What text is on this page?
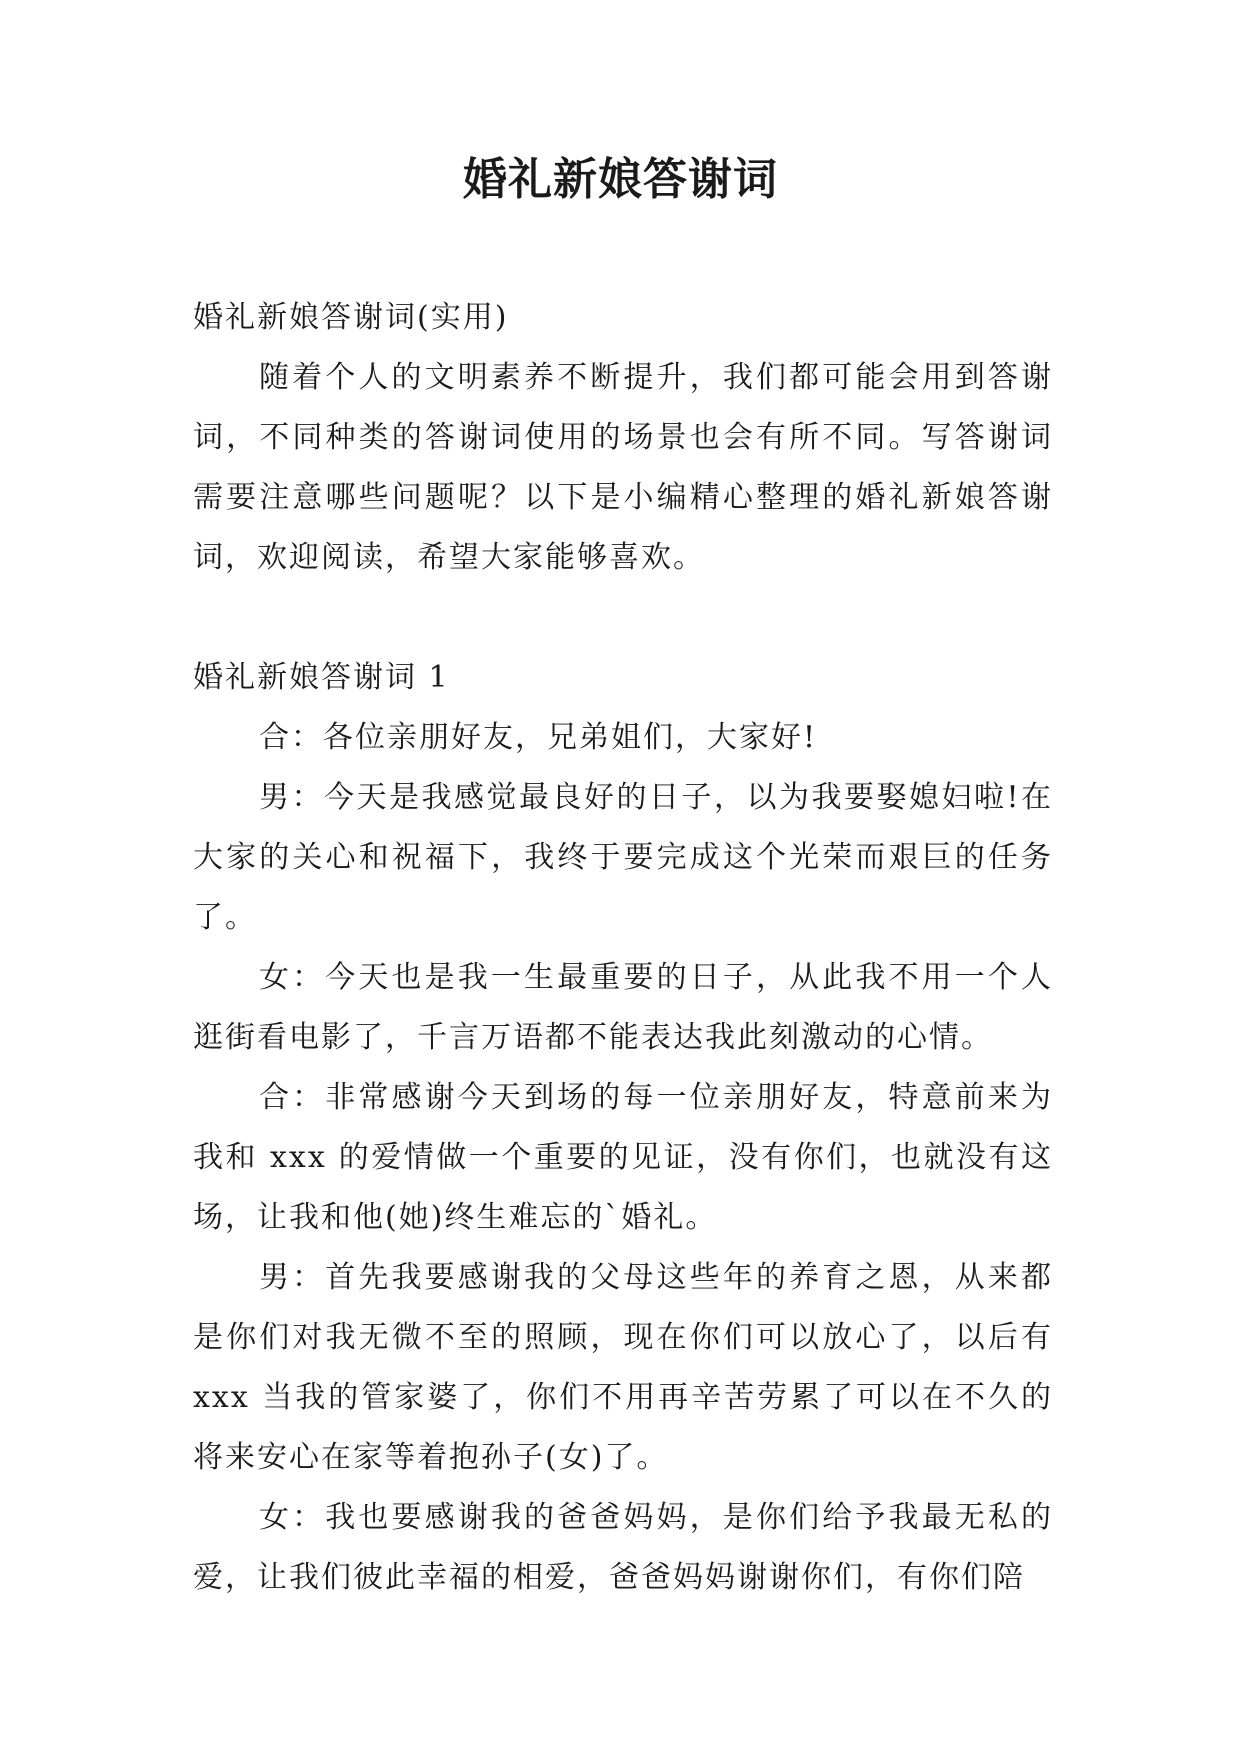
婚礼新娘答谢词

婚礼新娘答谢词(实用)

随着个人的文明素养不断提升，我们都可能会用到答谢词，不同种类的答谢词使用的场景也会有所不同。写答谢词需要注意哪些问题呢？以下是小编精心整理的婚礼新娘答谢词，欢迎阅读，希望大家能够喜欢。

婚礼新娘答谢词 1

合：各位亲朋好友，兄弟姐们，大家好!

男：今天是我感觉最良好的日子，以为我要娶媳妇啦!在大家的关心和祝福下，我终于要完成这个光荣而艰巨的任务了。

女：今天也是我一生最重要的日子，从此我不用一个人逛街看电影了，千言万语都不能表达我此刻激动的心情。

合：非常感谢今天到场的每一位亲朋好友，特意前来为我和 xxx 的爱情做一个重要的见证，没有你们，也就没有这场，让我和他(她)终生难忘的`婚礼。

男：首先我要感谢我的父母这些年的养育之恩，从来都是你们对我无微不至的照顾，现在你们可以放心了，以后有 xxx 当我的管家婆了，你们不用再辛苦劳累了可以在不久的将来安心在家等着抱孙子(女)了。

女：我也要感谢我的爸爸妈妈，是你们给予我最无私的爱，让我们彼此幸福的相爱，爸爸妈妈谢谢你们，有你们陪
